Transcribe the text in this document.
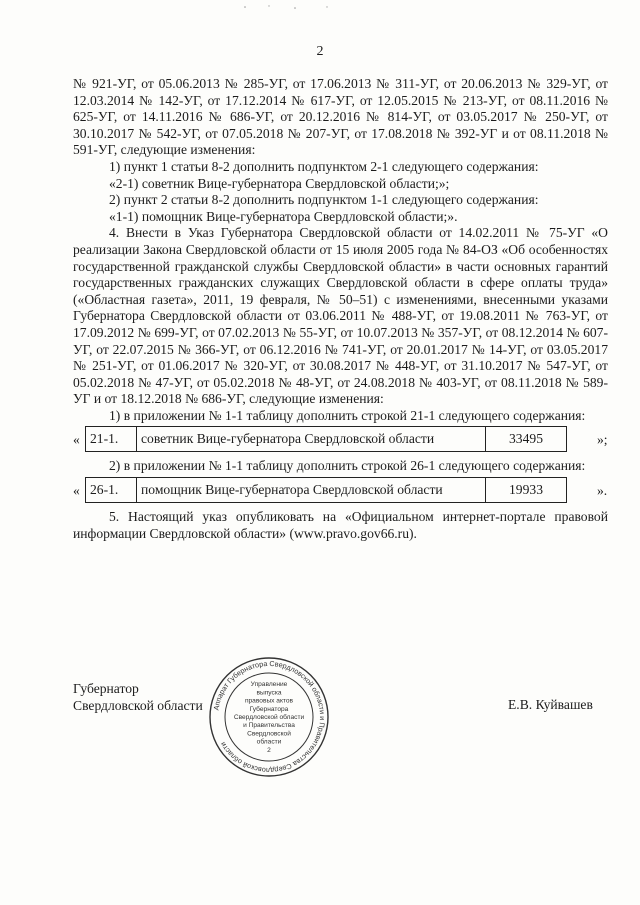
2

№ 921-УГ, от 05.06.2013 № 285-УГ, от 17.06.2013 № 311-УГ, от 20.06.2013 № 329-УГ, от 12.03.2014 № 142-УГ, от 17.12.2014 № 617-УГ, от 12.05.2015 № 213-УГ, от 08.11.2016 № 625-УГ, от 14.11.2016 № 686-УГ, от 20.12.2016 № 814-УГ, от 03.05.2017 № 250-УГ, от 30.10.2017 № 542-УГ, от 07.05.2018 № 207-УГ, от 17.08.2018 № 392-УГ и от 08.11.2018 № 591-УГ, следующие изменения:

1) пункт 1 статьи 8-2 дополнить подпунктом 2-1 следующего содержания:

«2-1) советник Вице-губернатора Свердловской области;»;

2) пункт 2 статьи 8-2 дополнить подпунктом 1-1 следующего содержания:

«1-1) помощник Вице-губернатора Свердловской области;».

4. Внести в Указ Губернатора Свердловской области от 14.02.2011 № 75-УГ «О реализации Закона Свердловской области от 15 июля 2005 года № 84-ОЗ «Об особенностях государственной гражданской службы Свердловской области» в части основных гарантий государственных гражданских служащих Свердловской области в сфере оплаты труда» («Областная газета», 2011, 19 февраля, № 50–51) с изменениями, внесенными указами Губернатора Свердловской области от 03.06.2011 № 488-УГ, от 19.08.2011 № 763-УГ, от 17.09.2012 № 699-УГ, от 07.02.2013 № 55-УГ, от 10.07.2013 № 357-УГ, от 08.12.2014 № 607-УГ, от 22.07.2015 № 366-УГ, от 06.12.2016 № 741-УГ, от 20.01.2017 № 14-УГ, от 03.05.2017 № 251-УГ, от 01.06.2017 № 320-УГ, от 30.08.2017 № 448-УГ, от 31.10.2017 № 547-УГ, от 05.02.2018 № 47-УГ, от 05.02.2018 № 48-УГ, от 24.08.2018 № 403-УГ, от 08.11.2018 № 589-УГ и от 18.12.2018 № 686-УГ, следующие изменения:

1) в приложении № 1-1 таблицу дополнить строкой 21-1 следующего содержания:

« 21-1.	советник Вице-губернатора Свердловской области	33495		»;

2) в приложении № 1-1 таблицу дополнить строкой 26-1 следующего содержания:

« 26-1.	помощник Вице-губернатора Свердловской области	19933		».

5. Настоящий указ опубликовать на «Официальном интернет-портале правовой информации Свердловской области» (www.pravo.gov66.ru).

Губернатор
Свердловской области	Е.В. Куйвашев
Аппарат Губернатора Свердловской области и Правительства Свердловской области
Управление
выпуска
правовых актов
Губернатора
Свердловской области
и Правительства
Свердловской
области
2
